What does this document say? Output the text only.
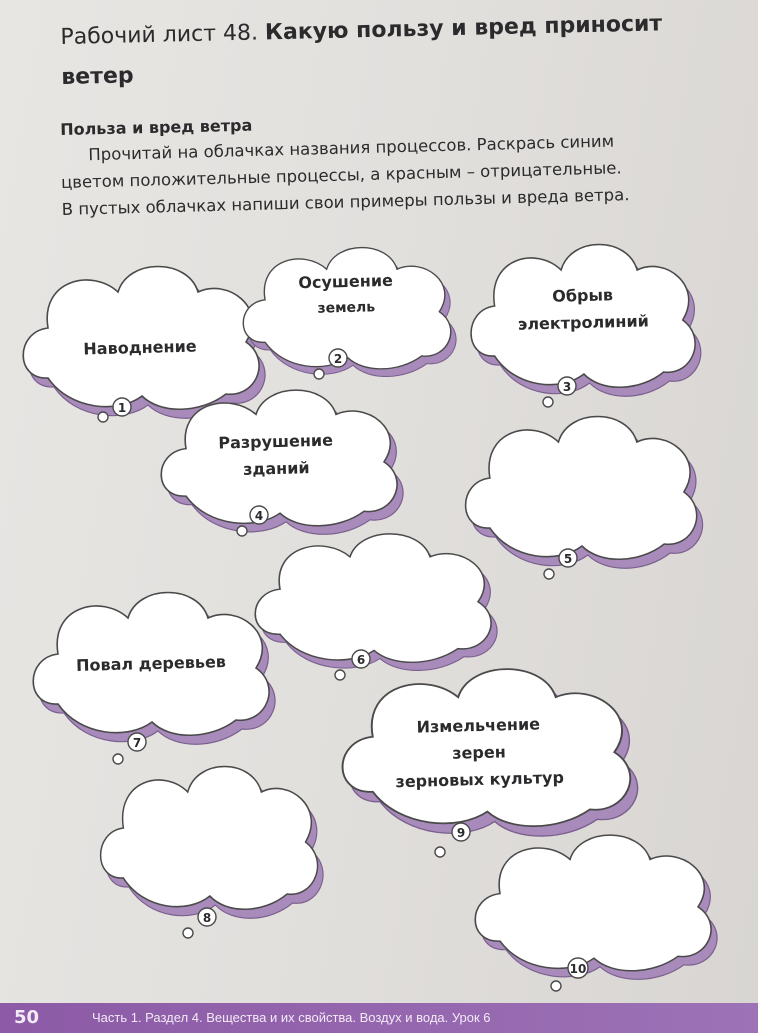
Рабочий лист 48. Какую пользу и вред приносит ветер
Польза и вред ветра
Прочитай на облачках названия процессов. Раскрась синим
цветом положительные процессы, а красным – отрицательные.
В пустых облачках напиши свои примеры пользы и вреда ветра.
1
2
3
4
5
6
7
8
9
10
Наводнение
Осушение
земель
Обрыв
электролиний
Разрушение
зданий
Повал деревьев
Измельчение
зерен
зерновых культур
50	Часть 1. Раздел 4. Вещества и их свойства. Воздух и вода. Урок 6
